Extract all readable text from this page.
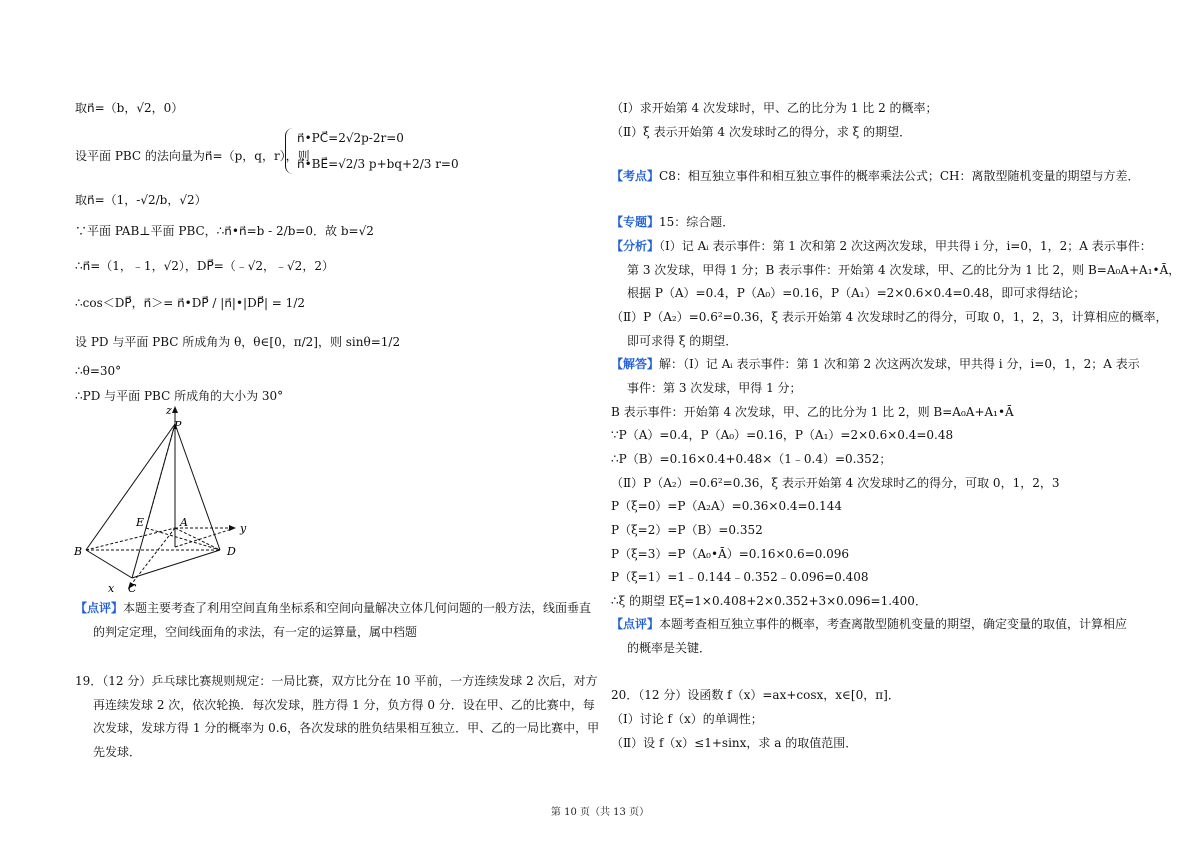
取n⃗=（b，√2，0）
设平面 PBC 的法向量为n⃗=（p，q，r），则
n⃗•PC⃗=2√2p-2r=0
n⃗•BE⃗=√2/3 p+bq+2/3 r=0
取n⃗=（1，-√2/b，√2）
∵平面 PAB⊥平面 PBC，∴n⃗•n⃗=b - 2/b=0．故 b=√2
∴n⃗=（1，﹣1，√2），DP⃗=（﹣√2，﹣√2，2）
∴cos＜DP⃗，n⃗＞= n⃗•DP⃗ / |n⃗|•|DP⃗| = 1/2
设 PD 与平面 PBC 所成角为 θ，θ∈[0，π/2]，则 sinθ=1/2
∴θ=30°
∴PD 与平面 PBC 所成角的大小为 30°
z
P
E	A	y
B	D
x C
【点评】本题主要考查了利用空间直角坐标系和空间向量解决立体几何问题的一般方法，线面垂直
的判定定理，空间线面角的求法，有一定的运算量，属中档题
19．（12 分）乒乓球比赛规则规定：一局比赛，双方比分在 10 平前，一方连续发球 2 次后，对方
再连续发球 2 次，依次轮换．每次发球，胜方得 1 分，负方得 0 分．设在甲、乙的比赛中，每
次发球，发球方得 1 分的概率为 0.6，各次发球的胜负结果相互独立．甲、乙的一局比赛中，甲
先发球．
（Ⅰ）求开始第 4 次发球时，甲、乙的比分为 1 比 2 的概率；
（Ⅱ）ξ 表示开始第 4 次发球时乙的得分，求 ξ 的期望．
【考点】C8：相互独立事件和相互独立事件的概率乘法公式；CH：离散型随机变量的期望与方差．
【专题】15：综合题．
【分析】（Ⅰ）记 Aᵢ 表示事件：第 1 次和第 2 次这两次发球，甲共得 i 分，i=0，1，2；A 表示事件：
第 3 次发球，甲得 1 分；B 表示事件：开始第 4 次发球，甲、乙的比分为 1 比 2，则 B=A₀A+A₁•Ā，
根据 P（A）=0.4，P（A₀）=0.16，P（A₁）=2×0.6×0.4=0.48，即可求得结论；
（Ⅱ）P（A₂）=0.6²=0.36，ξ 表示开始第 4 次发球时乙的得分，可取 0，1，2，3，计算相应的概率，
即可求得 ξ 的期望．
【解答】解：（Ⅰ）记 Aᵢ 表示事件：第 1 次和第 2 次这两次发球，甲共得 i 分，i=0，1，2；A 表示
事件：第 3 次发球，甲得 1 分；
B 表示事件：开始第 4 次发球，甲、乙的比分为 1 比 2，则 B=A₀A+A₁•Ā
∵P（A）=0.4，P（A₀）=0.16，P（A₁）=2×0.6×0.4=0.48
∴P（B）=0.16×0.4+0.48×（1﹣0.4）=0.352；
（Ⅱ）P（A₂）=0.6²=0.36，ξ 表示开始第 4 次发球时乙的得分，可取 0，1，2，3
P（ξ=0）=P（A₂A）=0.36×0.4=0.144
P（ξ=2）=P（B）=0.352
P（ξ=3）=P（A₀•Ā）=0.16×0.6=0.096
P（ξ=1）=1﹣0.144﹣0.352﹣0.096=0.408
∴ξ 的期望 Eξ=1×0.408+2×0.352+3×0.096=1.400．
【点评】本题考查相互独立事件的概率，考查离散型随机变量的期望，确定变量的取值，计算相应
的概率是关键．
20．（12 分）设函数 f（x）=ax+cosx，x∈[0，π]．
（Ⅰ）讨论 f（x）的单调性；
（Ⅱ）设 f（x）≤1+sinx，求 a 的取值范围．
第 10 页（共 13 页）
